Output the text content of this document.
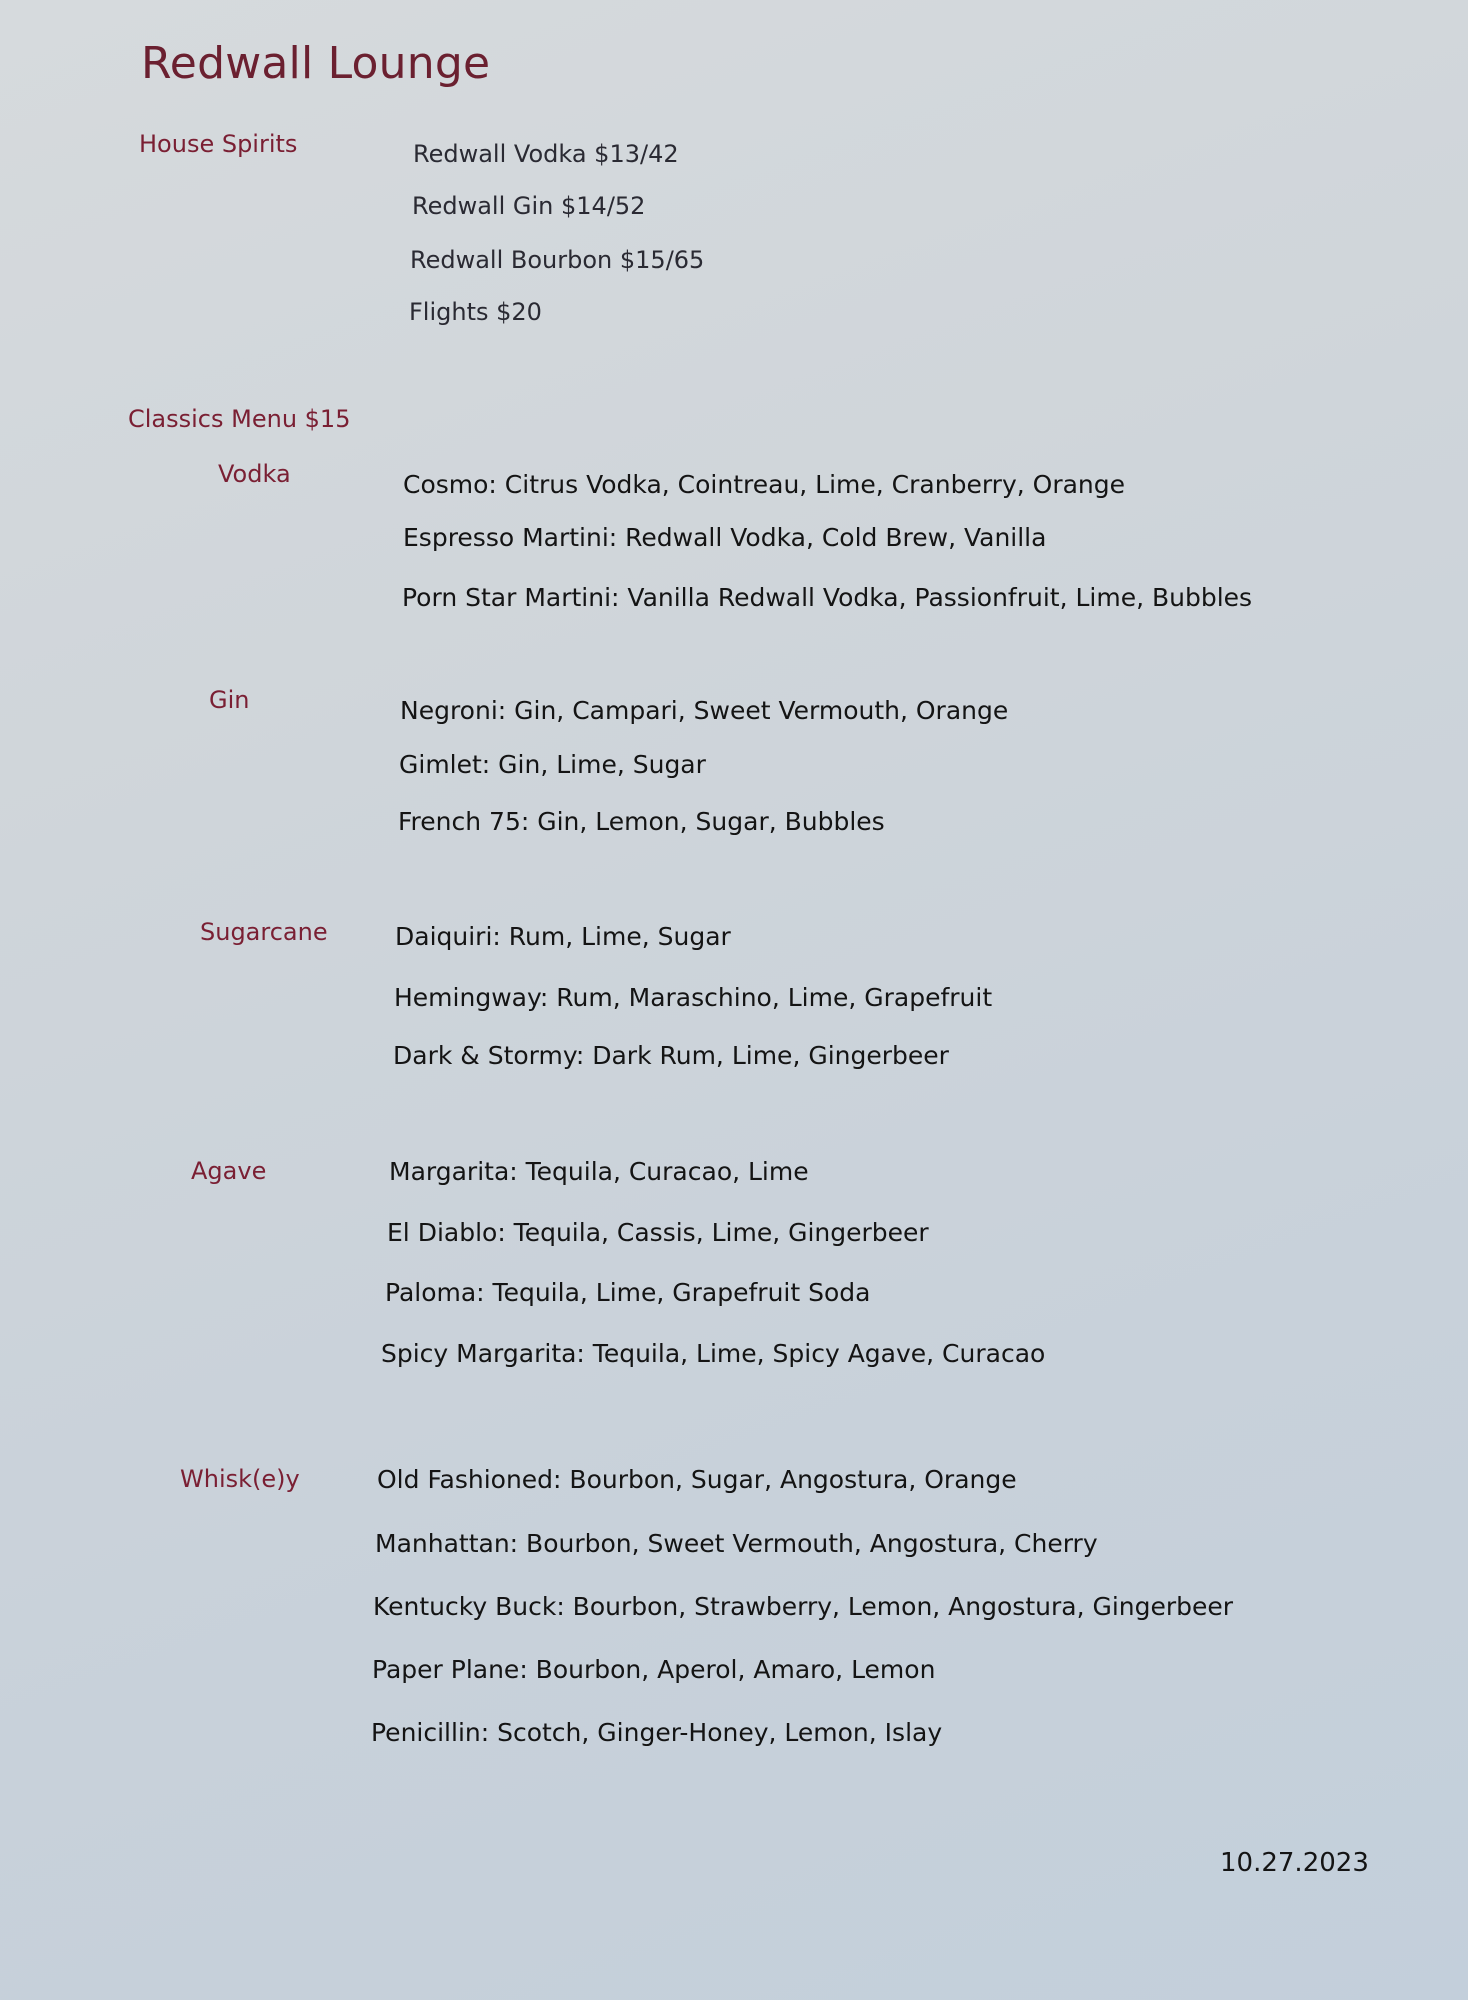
Redwall Lounge
House Spirits	Redwall Vodka $13/42
Redwall Gin $14/52
Redwall Bourbon $15/65
Flights $20
Classics Menu $15
Vodka	Cosmo: Citrus Vodka, Cointreau, Lime, Cranberry, Orange
Espresso Martini: Redwall Vodka, Cold Brew, Vanilla
Porn Star Martini: Vanilla Redwall Vodka, Passionfruit, Lime, Bubbles
Gin	Negroni: Gin, Campari, Sweet Vermouth, Orange
Gimlet: Gin, Lime, Sugar
French 75: Gin, Lemon, Sugar, Bubbles
Sugarcane	Daiquiri: Rum, Lime, Sugar
Hemingway: Rum, Maraschino, Lime, Grapefruit
Dark & Stormy: Dark Rum, Lime, Gingerbeer
Agave	Margarita: Tequila, Curacao, Lime
El Diablo: Tequila, Cassis, Lime, Gingerbeer
Paloma: Tequila, Lime, Grapefruit Soda
Spicy Margarita: Tequila, Lime, Spicy Agave, Curacao
Whisk(e)y	Old Fashioned: Bourbon, Sugar, Angostura, Orange
Manhattan: Bourbon, Sweet Vermouth, Angostura, Cherry
Kentucky Buck: Bourbon, Strawberry, Lemon, Angostura, Gingerbeer
Paper Plane: Bourbon, Aperol, Amaro, Lemon
Penicillin: Scotch, Ginger-Honey, Lemon, Islay
10.27.2023
